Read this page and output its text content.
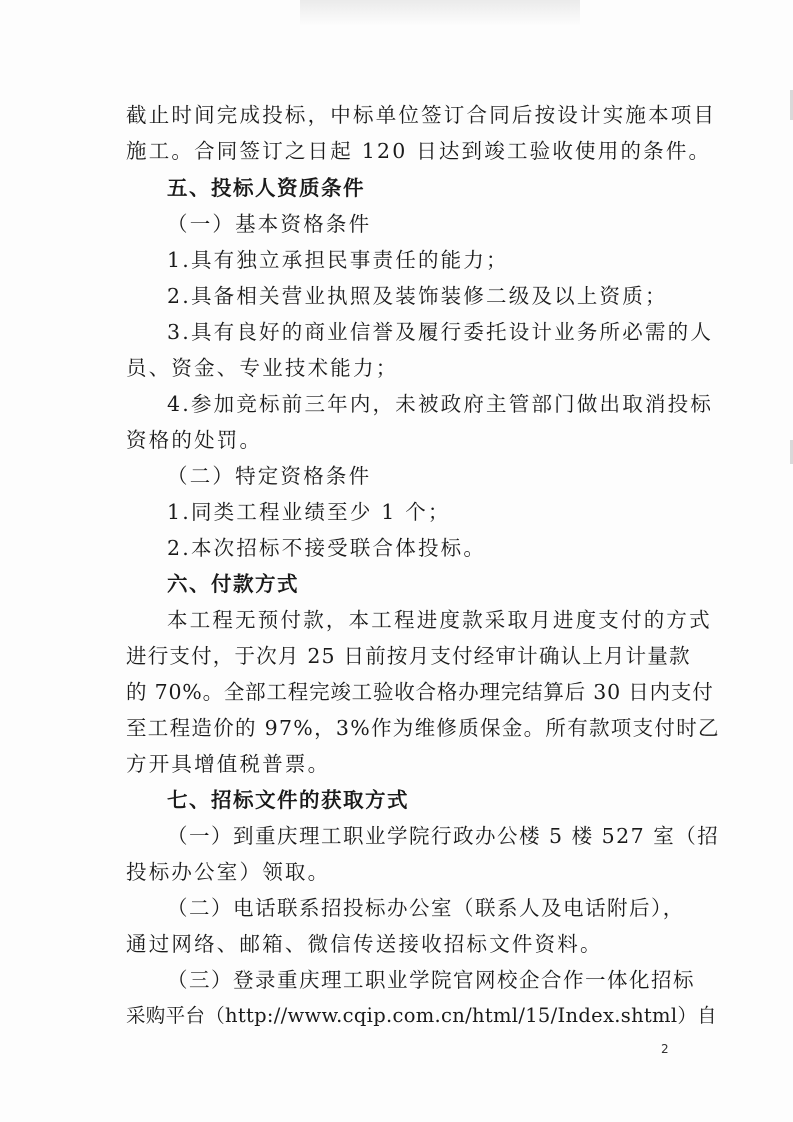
截止时间完成投标，中标单位签订合同后按设计实施本项目
施工。合同签订之日起 120 日达到竣工验收使用的条件。
五、投标人资质条件
（一）基本资格条件
1.具有独立承担民事责任的能力；
2.具备相关营业执照及装饰装修二级及以上资质；
3.具有良好的商业信誉及履行委托设计业务所必需的人
员、资金、专业技术能力；
4.参加竞标前三年内，未被政府主管部门做出取消投标
资格的处罚。
（二）特定资格条件
1.同类工程业绩至少 1 个；
2.本次招标不接受联合体投标。
六、付款方式
本工程无预付款，本工程进度款采取月进度支付的方式
进行支付，于次月 25 日前按月支付经审计确认上月计量款
的 70%。全部工程完竣工验收合格办理完结算后 30 日内支付
至工程造价的 97%，3%作为维修质保金。所有款项支付时乙
方开具增值税普票。
七、招标文件的获取方式
（一）到重庆理工职业学院行政办公楼 5 楼 527 室（招
投标办公室）领取。
（二）电话联系招投标办公室（联系人及电话附后），
通过网络、邮箱、微信传送接收招标文件资料。
（三）登录重庆理工职业学院官网校企合作一体化招标
采购平台（http://www.cqip.com.cn/html/15/Index.shtml）自
2
